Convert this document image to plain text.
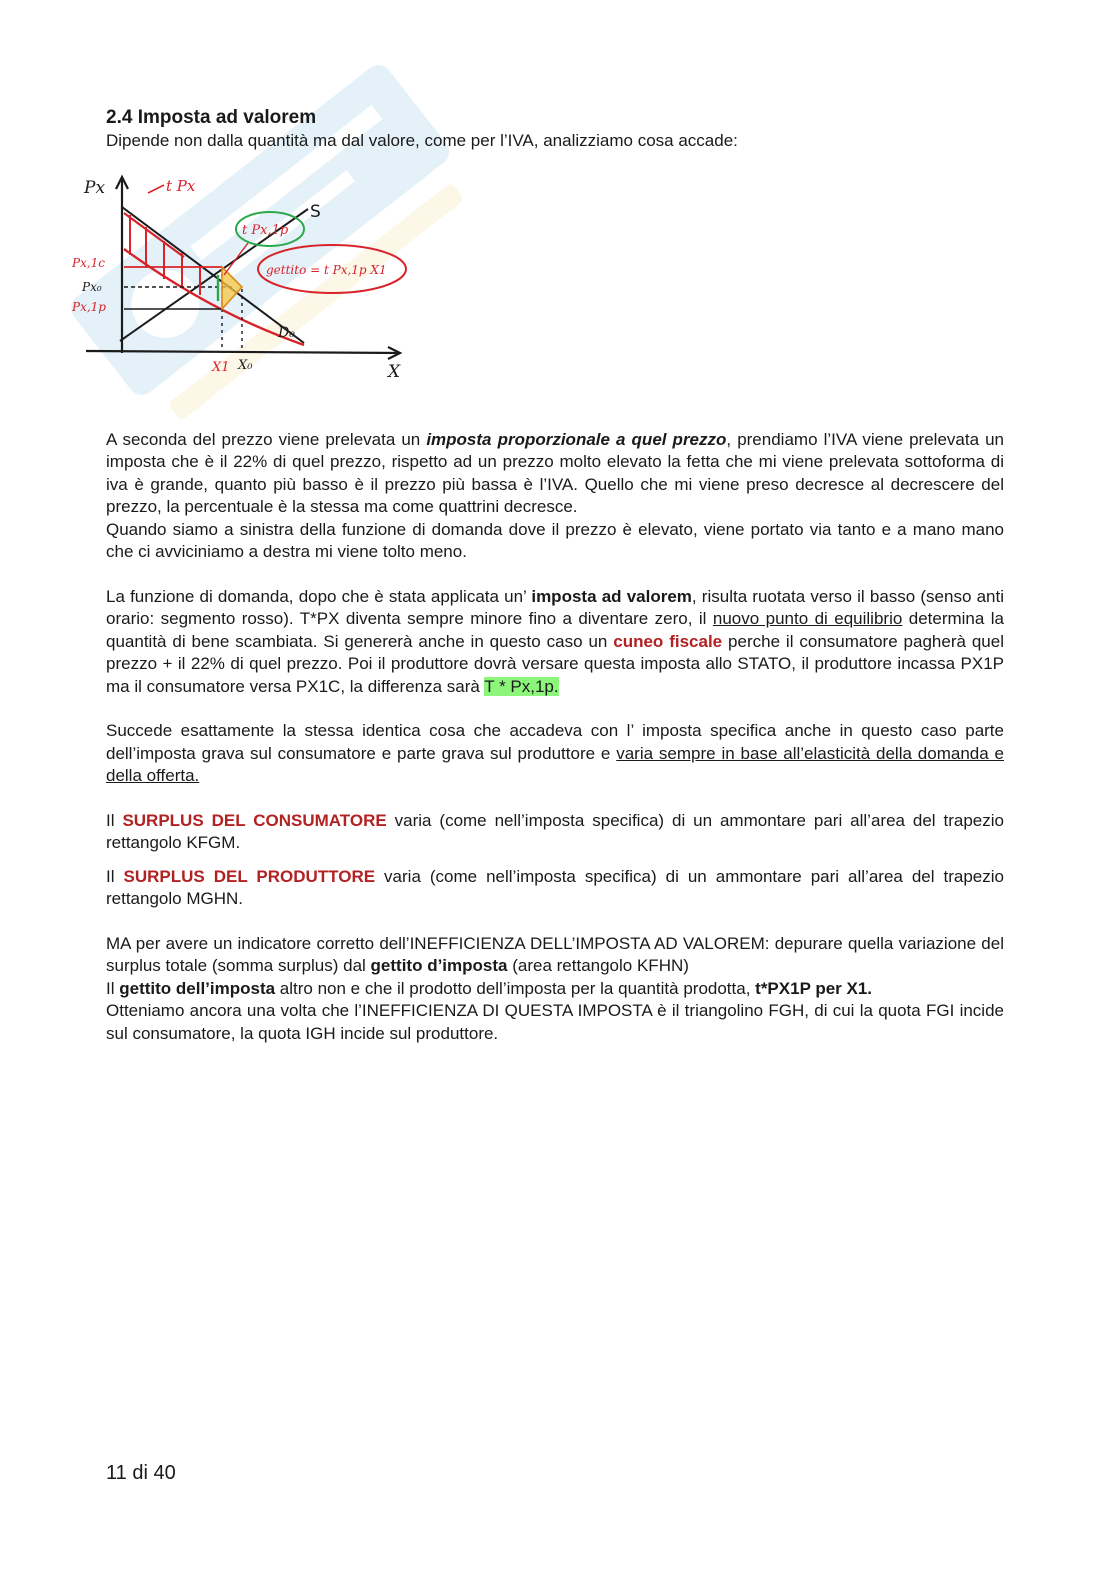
2.4 Imposta ad valorem

Dipende non dalla quantità ma dal valore, come per l’IVA, analizziamo cosa accade:

Px
X
S
D₀
t Px
t Px,1p
gettito = t Px,1p X1
Px,1c
Px₀
Px,1p
X1 X₀

A seconda del prezzo viene prelevata un imposta proporzionale a quel prezzo, prendiamo l’IVA viene prelevata un imposta che è il 22% di quel prezzo, rispetto ad un prezzo molto elevato la fetta che mi viene prelevata sottoforma di iva è grande, quanto più basso è il prezzo più bassa è l’IVA. Quello che mi viene preso decresce al decrescere del prezzo, la percentuale è la stessa ma come quattrini decresce.

Quando siamo a sinistra della funzione di domanda dove il prezzo è elevato, viene portato via tanto e a mano mano che ci avviciniamo a destra mi viene tolto meno.

La funzione di domanda, dopo che è stata applicata un’ imposta ad valorem, risulta ruotata verso il basso (senso anti orario: segmento rosso). T*PX diventa sempre minore fino a diventare zero, il nuovo punto di equilibrio determina la quantità di bene scambiata. Si genererà anche in questo caso un cuneo fiscale perche il consumatore pagherà quel prezzo + il 22% di quel prezzo. Poi il produttore dovrà versare questa imposta allo STATO, il produttore incassa PX1P ma il consumatore versa PX1C, la differenza sarà T * Px,1p.

Succede esattamente la stessa identica cosa che accadeva con l’ imposta specifica anche in questo caso parte dell’imposta grava sul consumatore e parte grava sul produttore e varia sempre in base all’elasticità della domanda e della offerta.

Il SURPLUS DEL CONSUMATORE varia (come nell’imposta specifica) di un ammontare pari all’area del trapezio rettangolo KFGM.

Il SURPLUS DEL PRODUTTORE varia (come nell’imposta specifica) di un ammontare pari all’area del trapezio rettangolo MGHN.

MA per avere un indicatore corretto dell’INEFFICIENZA DELL’IMPOSTA AD VALOREM: depurare quella variazione del surplus totale (somma surplus) dal gettito d’imposta (area rettangolo KFHN)

Il gettito dell’imposta altro non e che il prodotto dell’imposta per la quantità prodotta, t*PX1P per X1.

Otteniamo ancora una volta che l’INEFFICIENZA DI QUESTA IMPOSTA è il triangolino FGH, di cui la quota FGI incide sul consumatore, la quota IGH incide sul produttore.

11 di 40
